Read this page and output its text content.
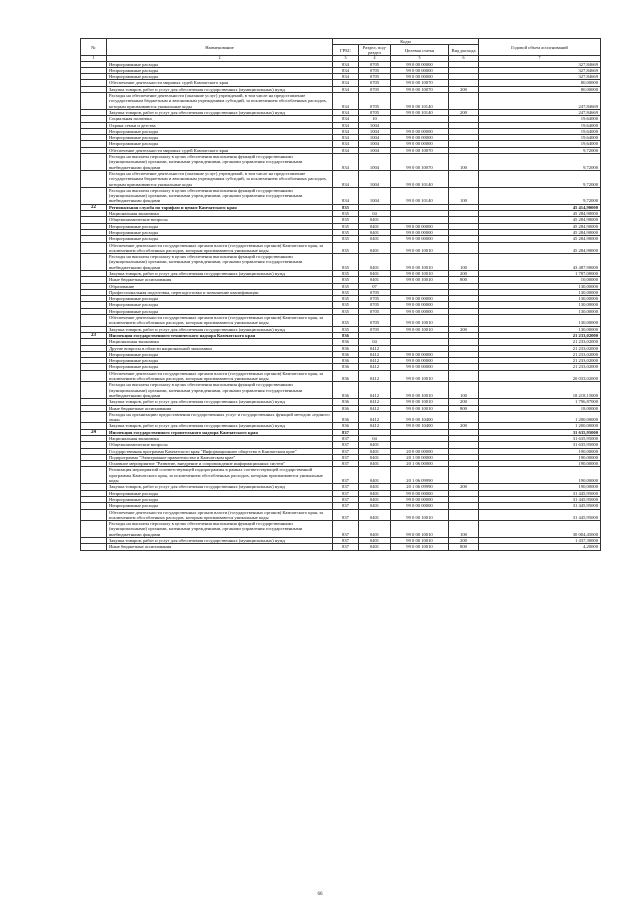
№	Наименование	Коды				Годовой объем ассигнований
		ГРБС	Раздел, под-раздел	Целевая статья	Вид расхода	
1	2	3	4	5	6	7
	Непрограммные расходы	834	0705	99 0 00 00000		327,84669
	Непрограммные расходы	834	0705	99 0 00 00000		327,84669
	Непрограммные расходы	834	0705	99 0 00 00000		327,84669
	Обеспечение деятельности мировых судей Камчатского края	834	0705	99 0 00 10070		80,00000
	Закупка товаров, работ и услуг для обеспечения государственных (муниципальных) нужд	834	0705	99 0 00 10070	200	80,00000
	Расходы на обеспечение деятельности (оказание услуг) учреждений, в том числе на предоставление государственным бюджетным и автономным учреждениям субсидий, за исключением обособленных расходов, которым присваиваются уникальные коды	834	0705	99 0 00 10140		247,84669
	Закупка товаров, работ и услуг для обеспечения государственных (муниципальных) нужд	834	0705	99 0 00 10140	200	247,84669
	Социальная политика	834	10			19,64000
	Охрана семьи и детства	834	1004			19,64000
	Непрограммные расходы	834	1004	99 0 00 00000		19,64000
	Непрограммные расходы	834	1004	99 0 00 00000		19,64000
	Непрограммные расходы	834	1004	99 0 00 00000		19,64000
	Обеспечение деятельности мировых судей Камчатского края	834	1004	99 0 00 10070		9,72000
	Расходы на выплаты персоналу в целях обеспечения выполнения функций государственными (муниципальными) органами, казенными учреждениями, органами управления государственными внебюджетными фондами	834	1004	99 0 00 10070	100	9,72000
	Расходы на обеспечение деятельности (оказание услуг) учреждений, в том числе на предоставление государственным бюджетным и автономным учреждениям субсидий, за исключением обособленных расходов, которым присваиваются уникальные коды	834	1004	99 0 00 10140		9,72000
	Расходы на выплаты персоналу в целях обеспечения выполнения функций государственными (муниципальными) органами, казенными учреждениями, органами управления государственными внебюджетными фондами	834	1004	99 0 00 10140	100	9,72000
22	Региональная служба по тарифам и ценам Камчатского края	835				45 414,90000
	Национальная экономика	835	04			45 284,90000
	Общеэкономические вопросы	835	0401			45 284,90000
	Непрограммные расходы	835	0401	99 0 00 00000		45 284,90000
	Непрограммные расходы	835	0401	99 0 00 00000		45 284,90000
	Непрограммные расходы	835	0401	99 0 00 00000		45 284,90000
	Обеспечение деятельности государственных органов власти (государственных органов) Камчатского края, за исключением обособленных расходов, которым присваиваются уникальные коды	835	0401	99 0 00 10010		45 284,90000
	Расходы на выплаты персоналу в целях обеспечения выполнения функций государственными (муниципальными) органами, казенными учреждениями, органами управления государственными внебюджетными фондами	835	0401	99 0 00 10010	100	43 487,90000
	Закупка товаров, работ и услуг для обеспечения государственных (муниципальных) нужд	835	0401	99 0 00 10010	200	1 787,00000
	Иные бюджетные ассигнования	835	0401	99 0 00 10010	800	10,00000
	Образование	835	07			130,00000
	Профессиональная подготовка, переподготовка и повышение квалификации	835	0705			130,00000
	Непрограммные расходы	835	0705	99 0 00 00000		130,00000
	Непрограммные расходы	835	0705	99 0 00 00000		130,00000
	Непрограммные расходы	835	0705	99 0 00 00000		130,00000
	Обеспечение деятельности государственных органов власти (государственных органов) Камчатского края, за исключением обособленных расходов, которым присваиваются уникальные коды	835	0705	99 0 00 10010		130,00000
	Закупка товаров, работ и услуг для обеспечения государственных (муниципальных) нужд	835	0705	99 0 00 10010	200	130,00000
23	Инспекция государственного технического надзора Камчатского края	836				21 233,02000
	Национальная экономика	836	04			21 233,02000
	Другие вопросы в области национальной экономики	836	0412			21 233,02000
	Непрограммные расходы	836	0412	99 0 00 00000		21 233,02000
	Непрограммные расходы	836	0412	99 0 00 00000		21 233,02000
	Непрограммные расходы	836	0412	99 0 00 00000		21 233,02000
	Обеспечение деятельности государственных органов власти (государственных органов) Камчатского края, за исключением обособленных расходов, которым присваиваются уникальные коды	836	0412	99 0 00 10010		20 033,02000
	Расходы на выплаты персоналу в целях обеспечения выполнения функций государственными (муниципальными) органами, казенными учреждениями, органами управления государственными внебюджетными фондами	836	0412	99 0 00 10010	100	18 218,15000
	Закупка товаров, работ и услуг для обеспечения государственных (муниципальных) нужд	836	0412	99 0 00 10010	200	1 796,87000
	Иные бюджетные ассигнования	836	0412	99 0 00 10010	800	18,00000
	Расходы на организацию предоставления государственных услуг и государственных функций методом «единого окна»	836	0412	99 0 00 10400		1 200,00000
	Закупка товаров, работ и услуг для обеспечения государственных (муниципальных) нужд	836	0412	99 0 00 10400	200	1 200,00000
24	Инспекция государственного строительного надзора Камчатского края	837				31 635,95000
	Национальная экономика	837	04			31 635,95000
	Общеэкономические вопросы	837	0401			31 635,95000
	Государственная программа Камчатского края "Информационное общество в Камчатском крае"	837	0401	20 0 00 00000		190,00000
	Подпрограмма "Электронное правительство в Камчатском крае"	837	0401	20 1 00 00000		190,00000
	Основное мероприятие "Развитие, внедрение и сопровождение информационных систем"	837	0401	20 1 06 00000		190,00000
	Реализация мероприятий соответствующей подпрограммы в рамках соответствующей государственной программы Камчатского края, за исключением обособленных расходов, которым присваиваются уникальные коды	837	0401	20 1 06 09990		190,00000
	Закупка товаров, работ и услуг для обеспечения государственных (муниципальных) нужд	837	0401	20 1 06 09990	200	190,00000
	Непрограммные расходы	837	0401	99 0 00 00000		31 445,95000
	Непрограммные расходы	837	0401	99 0 00 00000		31 445,95000
	Непрограммные расходы	837	0401	99 0 00 00000		31 445,95000
	Обеспечение деятельности государственных органов власти (государственных органов) Камчатского края, за исключением обособленных расходов, которым присваиваются уникальные коды	837	0401	99 0 00 10010		31 445,95000
	Расходы на выплаты персоналу в целях обеспечения выполнения функций государственными (муниципальными) органами, казенными учреждениями, органами управления государственными внебюджетными фондами	837	0401	99 0 00 10010	100	30 004,45000
	Закупка товаров, работ и услуг для обеспечения государственных (муниципальных) нужд	837	0401	99 0 00 10010	200	1 437,30000
	Иные бюджетные ассигнования	837	0401	99 0 00 10010	800	4,20000
66
